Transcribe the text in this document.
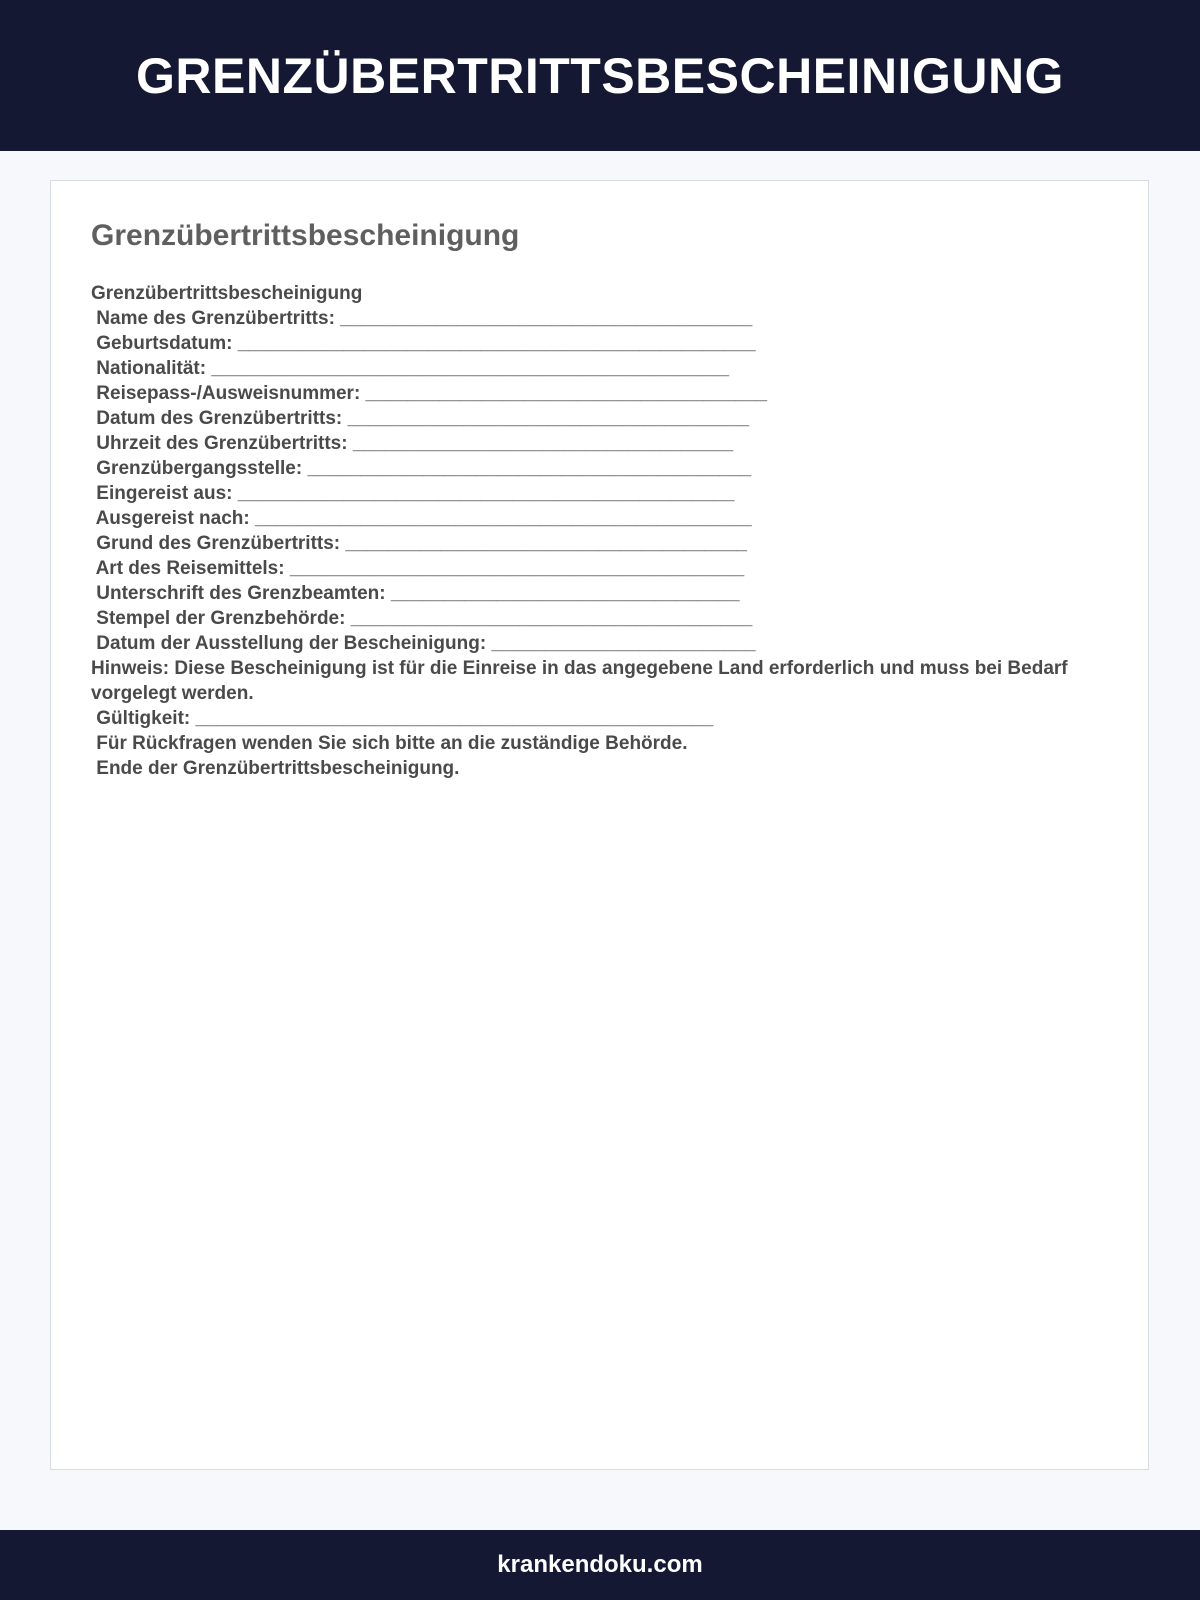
GRENZÜBERTRITTSBESCHEINIGUNG
Grenzübertrittsbescheinigung
Grenzübertrittsbescheinigung
Name des Grenzübertritts: _______________________________________
Geburtsdatum: _________________________________________________
Nationalität: _________________________________________________
Reisepass-/Ausweisnummer: ______________________________________
Datum des Grenzübertritts: ______________________________________
Uhrzeit des Grenzübertritts: ____________________________________
Grenzübergangsstelle: __________________________________________
Eingereist aus: _______________________________________________
Ausgereist nach: _______________________________________________
Grund des Grenzübertritts: ______________________________________
Art des Reisemittels: ___________________________________________
Unterschrift des Grenzbeamten: _________________________________
Stempel der Grenzbehörde: ______________________________________
Datum der Ausstellung der Bescheinigung: _________________________
Hinweis: Diese Bescheinigung ist für die Einreise in das angegebene Land erforderlich und muss bei Bedarf vorgelegt werden.
Gültigkeit: _________________________________________________
Für Rückfragen wenden Sie sich bitte an die zuständige Behörde.
Ende der Grenzübertrittsbescheinigung.
krankendoku.com
